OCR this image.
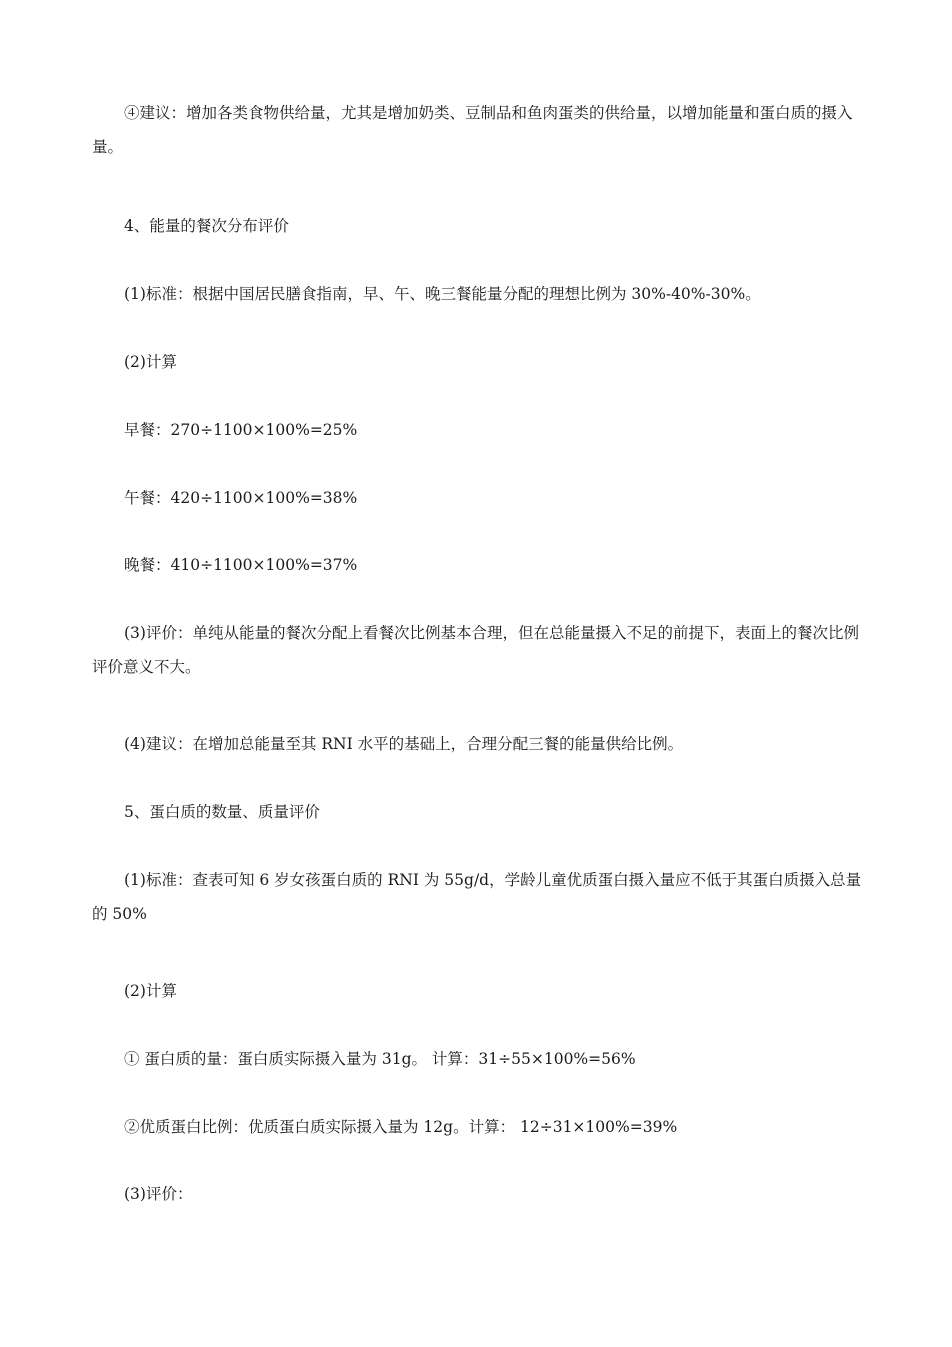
④建议：增加各类食物供给量，尤其是增加奶类、豆制品和鱼肉蛋类的供给量，以增加能量和蛋白质的摄入量。

4、能量的餐次分布评价

(1)标准：根据中国居民膳食指南，早、午、晚三餐能量分配的理想比例为 30%-40%-30%。

(2)计算

早餐：270÷1100×100%=25%

午餐：420÷1100×100%=38%

晚餐：410÷1100×100%=37%

(3)评价：单纯从能量的餐次分配上看餐次比例基本合理，但在总能量摄入不足的前提下，表面上的餐次比例评价意义不大。

(4)建议：在增加总能量至其 RNI 水平的基础上，合理分配三餐的能量供给比例。

5、蛋白质的数量、质量评价

(1)标准：查表可知 6 岁女孩蛋白质的 RNI 为 55g/d，学龄儿童优质蛋白摄入量应不低于其蛋白质摄入总量的 50%

(2)计算

① 蛋白质的量：蛋白质实际摄入量为 31g。 计算：31÷55×100%=56%

②优质蛋白比例：优质蛋白质实际摄入量为 12g。计算： 12÷31×100%=39%

(3)评价：
